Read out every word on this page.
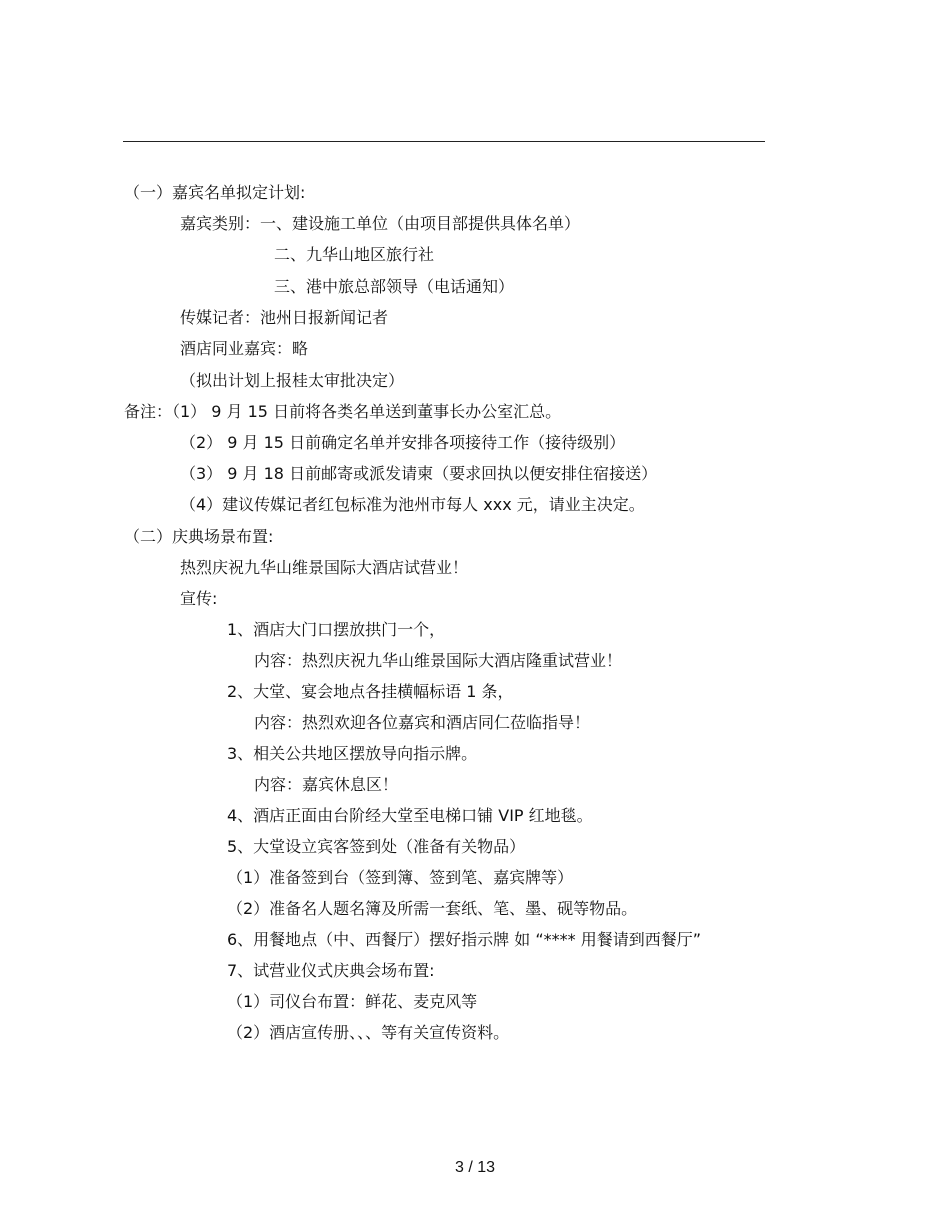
（一）嘉宾名单拟定计划:
嘉宾类别：一、建设施工单位（由项目部提供具体名单）
二、九华山地区旅行社
三、港中旅总部领导（电话通知）
传媒记者：池州日报新闻记者
酒店同业嘉宾：略
（拟出计划上报桂太审批决定）
备注：（1） 9 月 15 日前将各类名单送到董事长办公室汇总。
（2） 9 月 15 日前确定名单并安排各项接待工作（接待级别）
（3） 9 月 18 日前邮寄或派发请柬（要求回执以便安排住宿接送）
（4）建议传媒记者红包标准为池州市每人 xxx 元，请业主决定。
（二）庆典场景布置:
热烈庆祝九华山维景国际大酒店试营业！
宣传:
1、酒店大门口摆放拱门一个，
内容：热烈庆祝九华山维景国际大酒店隆重试营业！
2、大堂、宴会地点各挂横幅标语 1 条，
内容：热烈欢迎各位嘉宾和酒店同仁莅临指导！
3、相关公共地区摆放导向指示牌。
内容：嘉宾休息区！
4、酒店正面由台阶经大堂至电梯口铺 VIP 红地毯。
5、大堂设立宾客签到处（准备有关物品）
（1）准备签到台（签到簿、签到笔、嘉宾牌等）
（2）准备名人题名簿及所需一套纸、笔、墨、砚等物品。
6、用餐地点（中、西餐厅）摆好指示牌 如 “**** 用餐请到西餐厅”
7、试营业仪式庆典会场布置:
（1）司仪台布置：鲜花、麦克风等
（2）酒店宣传册、、、等有关宣传资料。
3 / 13
